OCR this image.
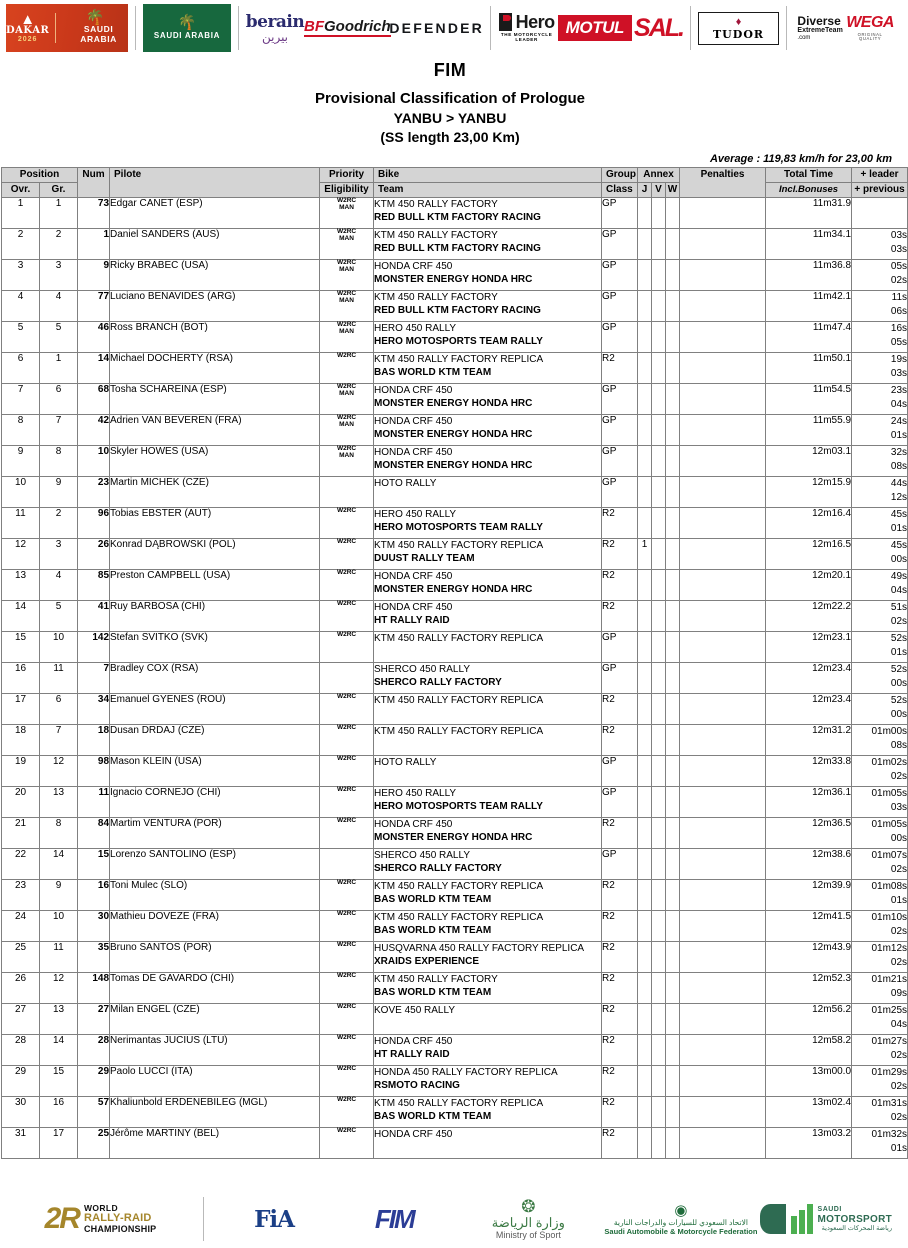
▲
DAKAR
2026
🌴
SAUDI ARABIA
🌴
SAUDI ARABIA
berain
بيرين
BFGoodrich
DEFENDER Hero
THE MOTORCYCLE LEADER
MOTUL SAL.	♦
TUDOR
Diverse
ExtremeTeam
.com
WEGA
ORIGINAL QUALITY
FIM
Provisional Classification of Prologue
YANBU > YANBU
(SS length 23,00 Km)
Average : 119,83 km/h for 23,00 km
Position		Num	Pilote	Priority	Bike	Group	Annex			Penalties	Total Time	+ leader
Ovr.	Gr.			Eligibility	Team	Class	J	V	W		Incl.Bonuses	+ previous
1	1	73	Edgar CANET (ESP)	W2RC
MAN	KTM 450 RALLY FACTORY
RED BULL KTM FACTORY RACING	GP					11m31.9	

2	2	1	Daniel SANDERS (AUS)	W2RC
MAN	KTM 450 RALLY FACTORY
RED BULL KTM FACTORY RACING	GP					11m34.1	03s
03s

3	3	9	Ricky BRABEC (USA)	W2RC
MAN	HONDA CRF 450
MONSTER ENERGY HONDA HRC	GP					11m36.8	05s
02s

4	4	77	Luciano BENAVIDES (ARG)	W2RC
MAN	KTM 450 RALLY FACTORY
RED BULL KTM FACTORY RACING	GP					11m42.1	11s
06s

5	5	46	Ross BRANCH (BOT)	W2RC
MAN	HERO 450 RALLY
HERO MOTOSPORTS TEAM RALLY	GP					11m47.4	16s
05s

6	1	14	Michael DOCHERTY (RSA)	W2RC	KTM 450 RALLY FACTORY REPLICA
BAS WORLD KTM TEAM	R2					11m50.1	19s
03s

7	6	68	Tosha SCHAREINA (ESP)	W2RC
MAN	HONDA CRF 450
MONSTER ENERGY HONDA HRC	GP					11m54.5	23s
04s

8	7	42	Adrien VAN BEVEREN (FRA)	W2RC
MAN	HONDA CRF 450
MONSTER ENERGY HONDA HRC	GP					11m55.9	24s
01s

9	8	10	Skyler HOWES (USA)	W2RC
MAN	HONDA CRF 450
MONSTER ENERGY HONDA HRC	GP					12m03.1	32s
08s

10	9	23	Martin MICHEK (CZE)		HOTO RALLY	GP					12m15.9	44s
12s

11	2	96	Tobias EBSTER (AUT)	W2RC	HERO 450 RALLY
HERO MOTOSPORTS TEAM RALLY	R2					12m16.4	45s
01s

12	3	26	Konrad DĄBROWSKI (POL)	W2RC	KTM 450 RALLY FACTORY REPLICA
DUUST RALLY TEAM	R2	1				12m16.5	45s
00s

13	4	85	Preston CAMPBELL (USA)	W2RC	HONDA CRF 450
MONSTER ENERGY HONDA HRC	R2					12m20.1	49s
04s

14	5	41	Ruy BARBOSA (CHI)	W2RC	HONDA CRF 450
HT RALLY RAID	R2					12m22.2	51s
02s

15	10	142	Stefan SVITKO (SVK)	W2RC	KTM 450 RALLY FACTORY REPLICA	GP					12m23.1	52s
01s

16	11	7	Bradley COX (RSA)		SHERCO 450 RALLY
SHERCO RALLY FACTORY	GP					12m23.4	52s
00s

17	6	34	Emanuel GYENES (ROU)	W2RC	KTM 450 RALLY FACTORY REPLICA	R2					12m23.4	52s
00s

18	7	18	Dusan DRDAJ (CZE)	W2RC	KTM 450 RALLY FACTORY REPLICA	R2					12m31.2	01m00s
08s

19	12	98	Mason KLEIN (USA)	W2RC	HOTO RALLY	GP					12m33.8	01m02s
02s

20	13	11	Ignacio CORNEJO (CHI)	W2RC	HERO 450 RALLY
HERO MOTOSPORTS TEAM RALLY	GP					12m36.1	01m05s
03s

21	8	84	Martim VENTURA (POR)	W2RC	HONDA CRF 450
MONSTER ENERGY HONDA HRC	R2					12m36.5	01m05s
00s

22	14	15	Lorenzo SANTOLINO (ESP)		SHERCO 450 RALLY
SHERCO RALLY FACTORY	GP					12m38.6	01m07s
02s

23	9	16	Toni Mulec (SLO)	W2RC	KTM 450 RALLY FACTORY REPLICA
BAS WORLD KTM TEAM	R2					12m39.9	01m08s
01s

24	10	30	Mathieu DOVEZE (FRA)	W2RC	KTM 450 RALLY FACTORY REPLICA
BAS WORLD KTM TEAM	R2					12m41.5	01m10s
02s

25	11	35	Bruno SANTOS (POR)	W2RC	HUSQVARNA 450 RALLY FACTORY REPLICA
XRAIDS EXPERIENCE	R2					12m43.9	01m12s
02s

26	12	148	Tomas DE GAVARDO (CHI)	W2RC	KTM 450 RALLY FACTORY
BAS WORLD KTM TEAM	R2					12m52.3	01m21s
09s

27	13	27	Milan ENGEL (CZE)	W2RC	KOVE 450 RALLY	R2					12m56.2	01m25s
04s

28	14	28	Nerimantas JUCIUS (LTU)	W2RC	HONDA CRF 450
HT RALLY RAID	R2					12m58.2	01m27s
02s

29	15	29	Paolo LUCCI (ITA)	W2RC	HONDA 450 RALLY FACTORY REPLICA
RSMOTO RACING	R2					13m00.0	01m29s
02s

30	16	57	Khaliunbold ERDENEBILEG (MGL)	W2RC	KTM 450 RALLY FACTORY REPLICA
BAS WORLD KTM TEAM	R2					13m02.4	01m31s
02s

31	17	25	Jérôme MARTINY (BEL)	W2RC	HONDA CRF 450	R2					13m03.2	01m32s
01s
2R WORLD
RALLY-RAID
CHAMPIONSHIP	FiA	FIM	❂
وزارة الرياضة
Ministry of Sport
◉
الاتحاد السعودي للسيارات والدراجات النارية
Saudi Automobile & Motorcycle Federation
SAUDI
MOTORSPORT
رياضة المحركات السعودية
